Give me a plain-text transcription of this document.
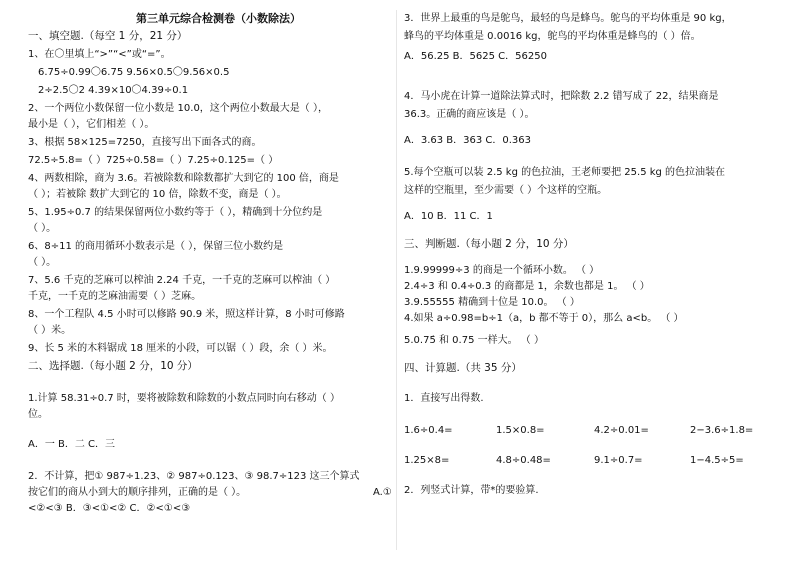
第三单元综合检测卷（小数除法）
一、填空题.（每空 1 分，21 分）
1、在〇里填上“>”“<”或“=”。
6.75÷0.99〇6.75 9.56×0.5〇9.56×0.5
2÷2.5〇2 4.39×10〇4.39÷0.1
2、一个两位小数保留一位小数是 10.0，这个两位小数最大是（ ），
最小是（ ），它们相差（ ）。
3、根据 58×125=7250，直接写出下面各式的商。
72.5÷5.8=（ ）725÷0.58=（ ）7.25÷0.125=（ ）
4、两数相除，商为 3.6。若被除数和除数都扩大到它的 100 倍，商是
（ ）；若被除 数扩大到它的 10 倍，除数不变，商是（ ）。
5、1.95÷0.7 的结果保留两位小数约等于（ ），精确到十分位约是
（ ）。
6、8÷11 的商用循环小数表示是（ ），保留三位小数约是
（ ）。
7、5.6 千克的芝麻可以榨油 2.24 千克，一千克的芝麻可以榨油（ ）
千克，一千克的芝麻油需要（ ）芝麻。
8、一个工程队 4.5 小时可以修路 90.9 米，照这样计算，8 小时可修路
（ ）米。
9、长 5 米的木料锯成 18 厘米的小段，可以锯（ ）段，余（ ）米。
二、选择题.（每小题 2 分，10 分）
1.计算 58.31÷0.7 时，要将被除数和除数的小数点同时向右移动（ ）
位。
A．一 B．二 C．三
2．不计算，把① 987÷1.23、② 987÷0.123、③ 98.7÷123 这三个算式
按它们的商从小到大的顺序排列，正确的是（ ）。	A.①
<②<③ B．③<①<② C．②<①<③
3．世界上最重的鸟是鸵鸟，最轻的鸟是蜂鸟。鸵鸟的平均体重是 90 kg，
蜂鸟的平均体重是 0.0016 kg，鸵鸟的平均体重是蜂鸟的（ ）倍。
A．56.25 B．5625 C．56250
4．马小虎在计算一道除法算式时，把除数 2.2 错写成了 22，结果商是
36.3。正确的商应该是（ ）。
A．3.63 B．363 C．0.363
5.每个空瓶可以装 2.5 kg 的色拉油，王老师要把 25.5 kg 的色拉油装在
这样的空瓶里，至少需要（ ）个这样的空瓶。
A．10 B．11 C．1
三、判断题.（每小题 2 分，10 分）
1.9.99999÷3 的商是一个循环小数。 （ ）
2.4÷3 和 0.4÷0.3 的商都是 1，余数也都是 1。 （ ）
3.9.55555 精确到十位是 10.0。 （ ）
4.如果 a÷0.98=b÷1（a，b 都不等于 0），那么 a<b。 （ ）
5.0.75̇ 和 0.75 一样大。 （ ）
四、计算题.（共 35 分）
1．直接写出得数.
1.6÷0.4=	1.5×0.8=	4.2÷0.01=	2−3.6÷1.8=
1.25×8=	4.8÷0.48=	9.1÷0.7=	1−4.5÷5=
2．列竖式计算，带*的要验算.
